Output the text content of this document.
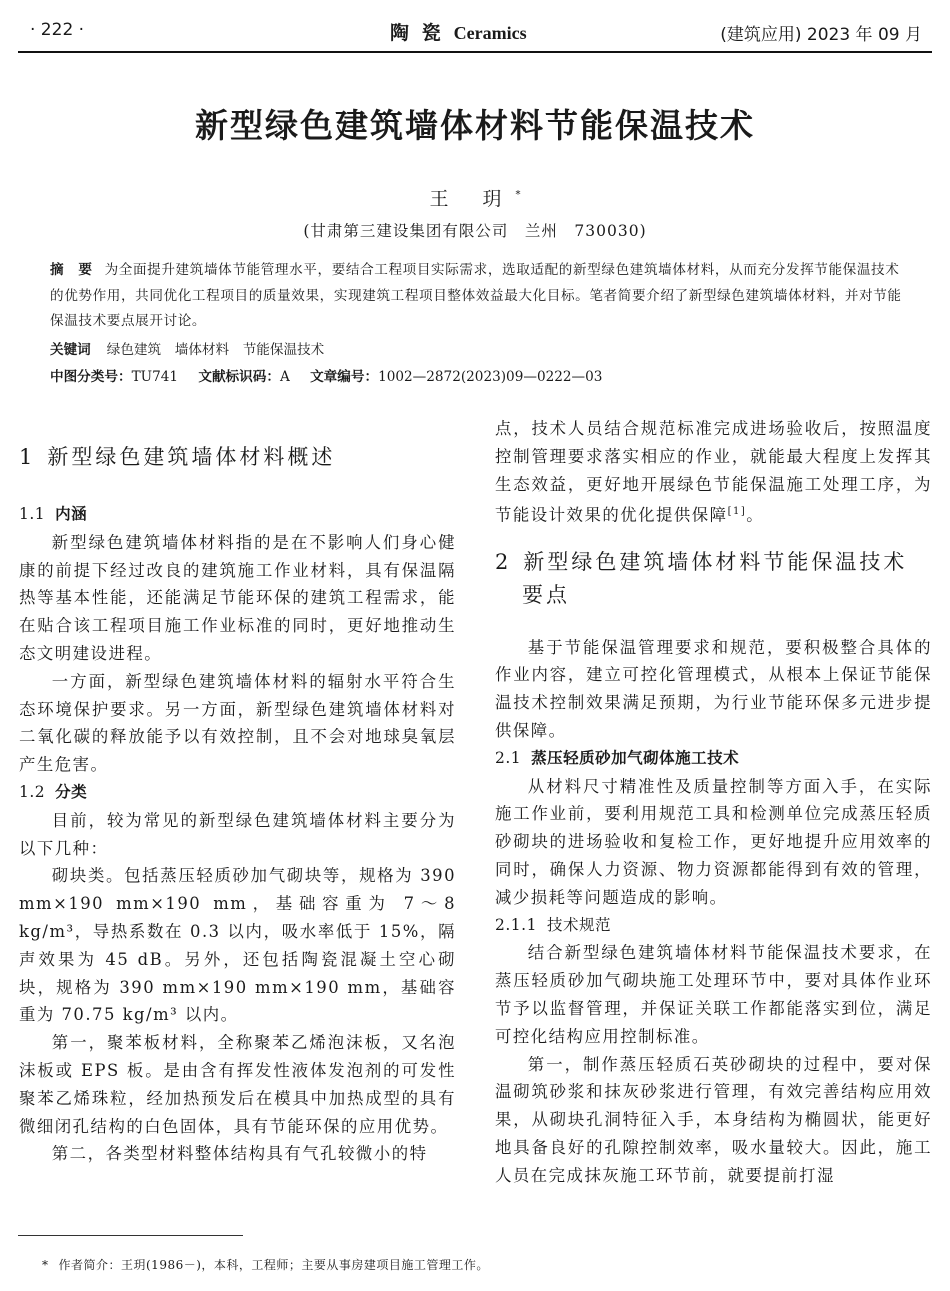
· 222 ·	陶 瓷 Ceramics	(建筑应用) 2023 年 09 月
新型绿色建筑墙体材料节能保温技术
王 玥*
(甘肃第三建设集团有限公司　兰州　730030)
摘　要 为全面提升建筑墙体节能管理水平，要结合工程项目实际需求，选取适配的新型绿色建筑墙体材料，从而充分发挥节能保温技术的优势作用，共同优化工程项目的质量效果，实现建筑工程项目整体效益最大化目标。笔者简要介绍了新型绿色建筑墙体材料，并对节能保温技术要点展开讨论。
关键词 绿色建筑　墙体材料　节能保温技术
中图分类号：TU741 文献标识码：A 文章编号：1002—2872(2023)09—0222—03

1 新型绿色建筑墙体材料概述

1.1 内涵

新型绿色建筑墙体材料指的是在不影响人们身心健康的前提下经过改良的建筑施工作业材料，具有保温隔热等基本性能，还能满足节能环保的建筑工程需求，能在贴合该工程项目施工作业标准的同时，更好地推动生态文明建设进程。

一方面，新型绿色建筑墙体材料的辐射水平符合生态环境保护要求。另一方面，新型绿色建筑墙体材料对二氧化碳的释放能予以有效控制，且不会对地球臭氧层产生危害。

1.2 分类

目前，较为常见的新型绿色建筑墙体材料主要分为以下几种：

砌块类。包括蒸压轻质砂加气砌块等，规格为 390 mm×190 mm×190 mm，基础容重为 7～8 kg/m³，导热系数在 0.3 以内，吸水率低于 15%，隔声效果为 45 dB。另外，还包括陶瓷混凝土空心砌块，规格为 390 mm×190 mm×190 mm，基础容重为 70.75 kg/m³ 以内。

第一，聚苯板材料，全称聚苯乙烯泡沫板，又名泡沫板或 EPS 板。是由含有挥发性液体发泡剂的可发性聚苯乙烯珠粒，经加热预发后在模具中加热成型的具有微细闭孔结构的白色固体，具有节能环保的应用优势。

第二，各类型材料整体结构具有气孔较微小的特

点，技术人员结合规范标准完成进场验收后，按照温度控制管理要求落实相应的作业，就能最大程度上发挥其生态效益，更好地开展绿色节能保温施工处理工序，为节能设计效果的优化提供保障[1]。

2 新型绿色建筑墙体材料节能保温技术

要点

基于节能保温管理要求和规范，要积极整合具体的作业内容，建立可控化管理模式，从根本上保证节能保温技术控制效果满足预期，为行业节能环保多元进步提供保障。

2.1 蒸压轻质砂加气砌体施工技术

从材料尺寸精准性及质量控制等方面入手，在实际施工作业前，要利用规范工具和检测单位完成蒸压轻质砂砌块的进场验收和复检工作，更好地提升应用效率的同时，确保人力资源、物力资源都能得到有效的管理，减少损耗等问题造成的影响。

2.1.1 技术规范

结合新型绿色建筑墙体材料节能保温技术要求，在蒸压轻质砂加气砌块施工处理环节中，要对具体作业环节予以监督管理，并保证关联工作都能落实到位，满足可控化结构应用控制标准。

第一，制作蒸压轻质石英砂砌块的过程中，要对保温砌筑砂浆和抹灰砂浆进行管理，有效完善结构应用效果，从砌块孔洞特征入手，本身结构为椭圆状，能更好地具备良好的孔隙控制效率，吸水量较大。因此，施工人员在完成抹灰施工环节前，就要提前打湿

* 作者简介：王玥(1986－)，本科，工程师；主要从事房建项目施工管理工作。
